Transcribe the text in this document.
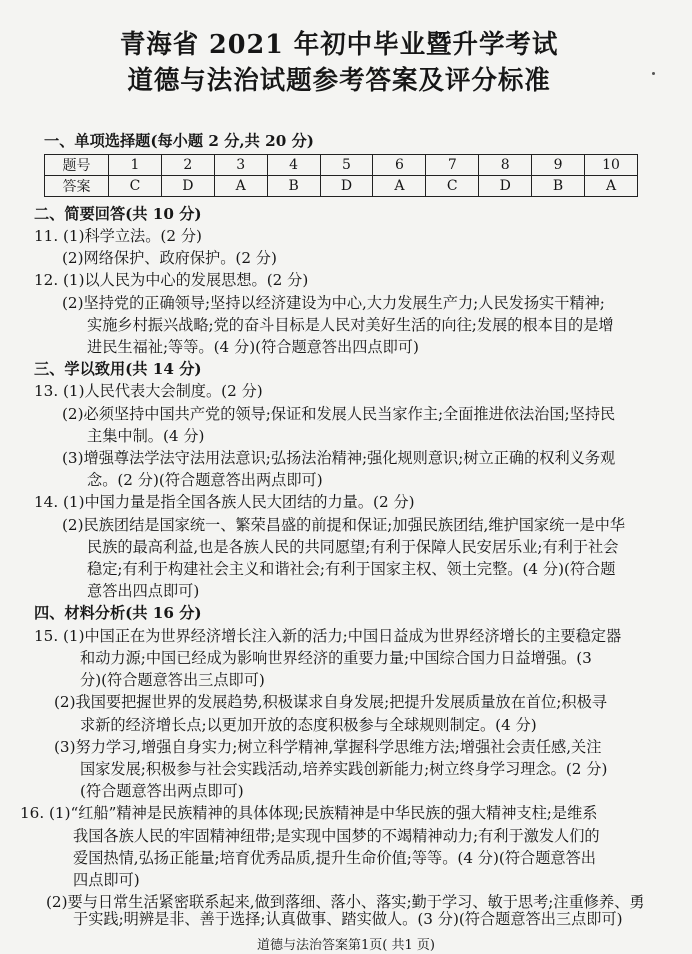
青海省 2021 年初中毕业暨升学考试
道德与法治试题参考答案及评分标准
一、单项选择题(每小题 2 分,共 20 分)
题号	1	2	3	4	5	6	7	8	9	10
答案	C	D	A	B	D	A	C	D	B	A
二、简要回答(共 10 分)
11. (1)科学立法。(2 分)
(2)网络保护、政府保护。(2 分)
12. (1)以人民为中心的发展思想。(2 分)
(2)坚持党的正确领导;坚持以经济建设为中心,大力发展生产力;人民发扬实干精神;
实施乡村振兴战略;党的奋斗目标是人民对美好生活的向往;发展的根本目的是增
进民生福祉;等等。(4 分)(符合题意答出四点即可)
三、学以致用(共 14 分)
13. (1)人民代表大会制度。(2 分)
(2)必须坚持中国共产党的领导;保证和发展人民当家作主;全面推进依法治国;坚持民
主集中制。(4 分)
(3)增强尊法学法守法用法意识;弘扬法治精神;强化规则意识;树立正确的权利义务观
念。(2 分)(符合题意答出两点即可)
14. (1)中国力量是指全国各族人民大团结的力量。(2 分)
(2)民族团结是国家统一、繁荣昌盛的前提和保证;加强民族团结,维护国家统一是中华
民族的最高利益,也是各族人民的共同愿望;有利于保障人民安居乐业;有利于社会
稳定;有利于构建社会主义和谐社会;有利于国家主权、领土完整。(4 分)(符合题
意答出四点即可)
四、材料分析(共 16 分)
15. (1)中国正在为世界经济增长注入新的活力;中国日益成为世界经济增长的主要稳定器
和动力源;中国已经成为影响世界经济的重要力量;中国综合国力日益增强。(3
分)(符合题意答出三点即可)
(2)我国要把握世界的发展趋势,积极谋求自身发展;把提升发展质量放在首位;积极寻
求新的经济增长点;以更加开放的态度积极参与全球规则制定。(4 分)
(3)努力学习,增强自身实力;树立科学精神,掌握科学思维方法;增强社会责任感,关注
国家发展;积极参与社会实践活动,培养实践创新能力;树立终身学习理念。(2 分)
(符合题意答出两点即可)
16. (1)“红船”精神是民族精神的具体体现;民族精神是中华民族的强大精神支柱;是维系
我国各族人民的牢固精神纽带;是实现中国梦的不竭精神动力;有利于激发人们的
爱国热情,弘扬正能量;培育优秀品质,提升生命价值;等等。(4 分)(符合题意答出
四点即可)
(2)要与日常生活紧密联系起来,做到落细、落小、落实;勤于学习、敏于思考;注重修养、勇
于实践;明辨是非、善于选择;认真做事、踏实做人。(3 分)(符合题意答出三点即可)
道德与法治答案第1页( 共1 页)
